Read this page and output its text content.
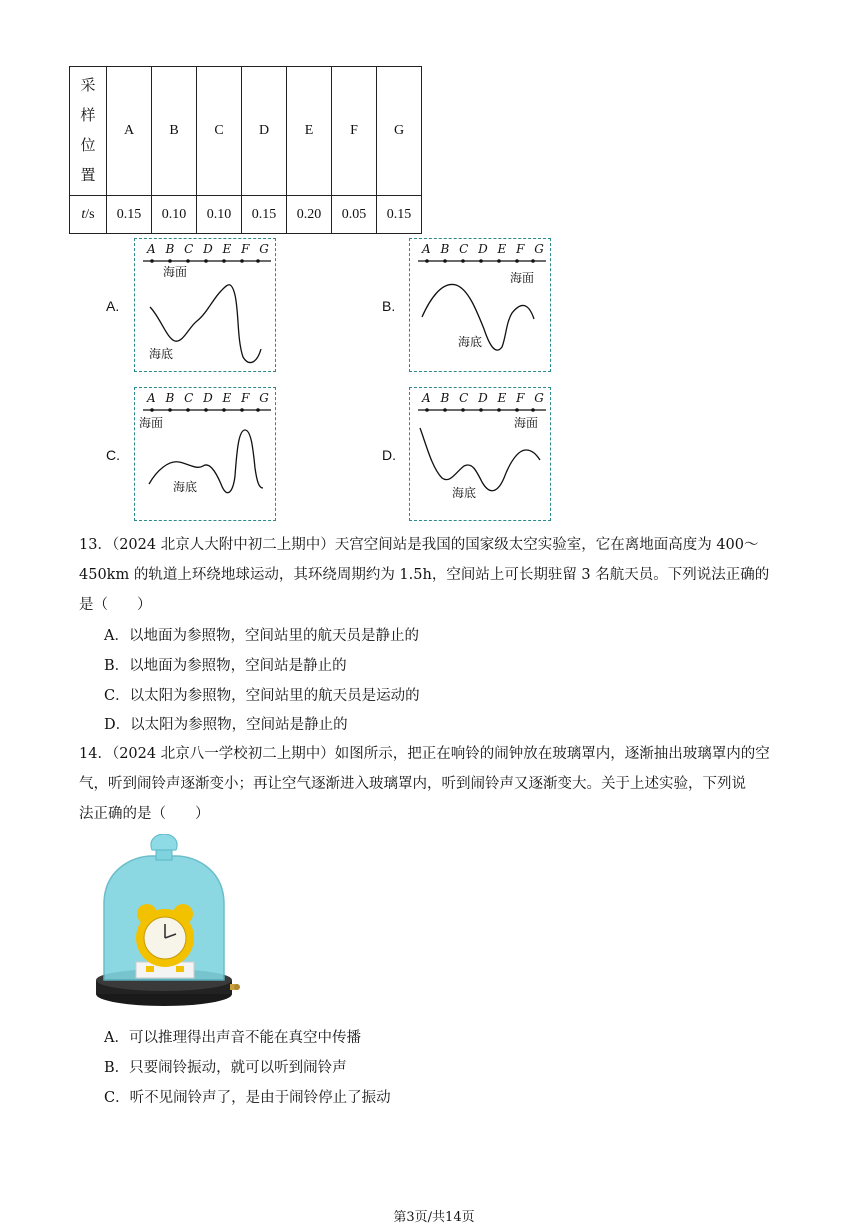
采
样
位
置	A	B	C	D	E	F	G
t/s	0.15	0.10	0.10	0.15	0.20	0.05	0.15
A.	B.
C.	D.
A B C D E F G
海面
海底
A B C D E F G
海面
海底
A B C D E F G
海面
海底
A B C D E F G
海面
海底
13．（2024 北京人大附中初二上期中）天宫空间站是我国的国家级太空实验室，它在离地面高度为 400～
450km 的轨道上环绕地球运动，其环绕周期约为 1.5h，空间站上可长期驻留 3 名航天员。下列说法正确的
是（　　）
A．以地面为参照物，空间站里的航天员是静止的
B．以地面为参照物，空间站是静止的
C．以太阳为参照物，空间站里的航天员是运动的
D．以太阳为参照物，空间站是静止的
14．（2024 北京八一学校初二上期中）如图所示，把正在响铃的闹钟放在玻璃罩内，逐渐抽出玻璃罩内的空
气，听到闹铃声逐渐变小；再让空气逐渐进入玻璃罩内，听到闹铃声又逐渐变大。关于上述实验，下列说
法正确的是（　　）
A．可以推理得出声音不能在真空中传播
B．只要闹铃振动，就可以听到闹铃声
C．听不见闹铃声了，是由于闹铃停止了振动
第3页/共14页
